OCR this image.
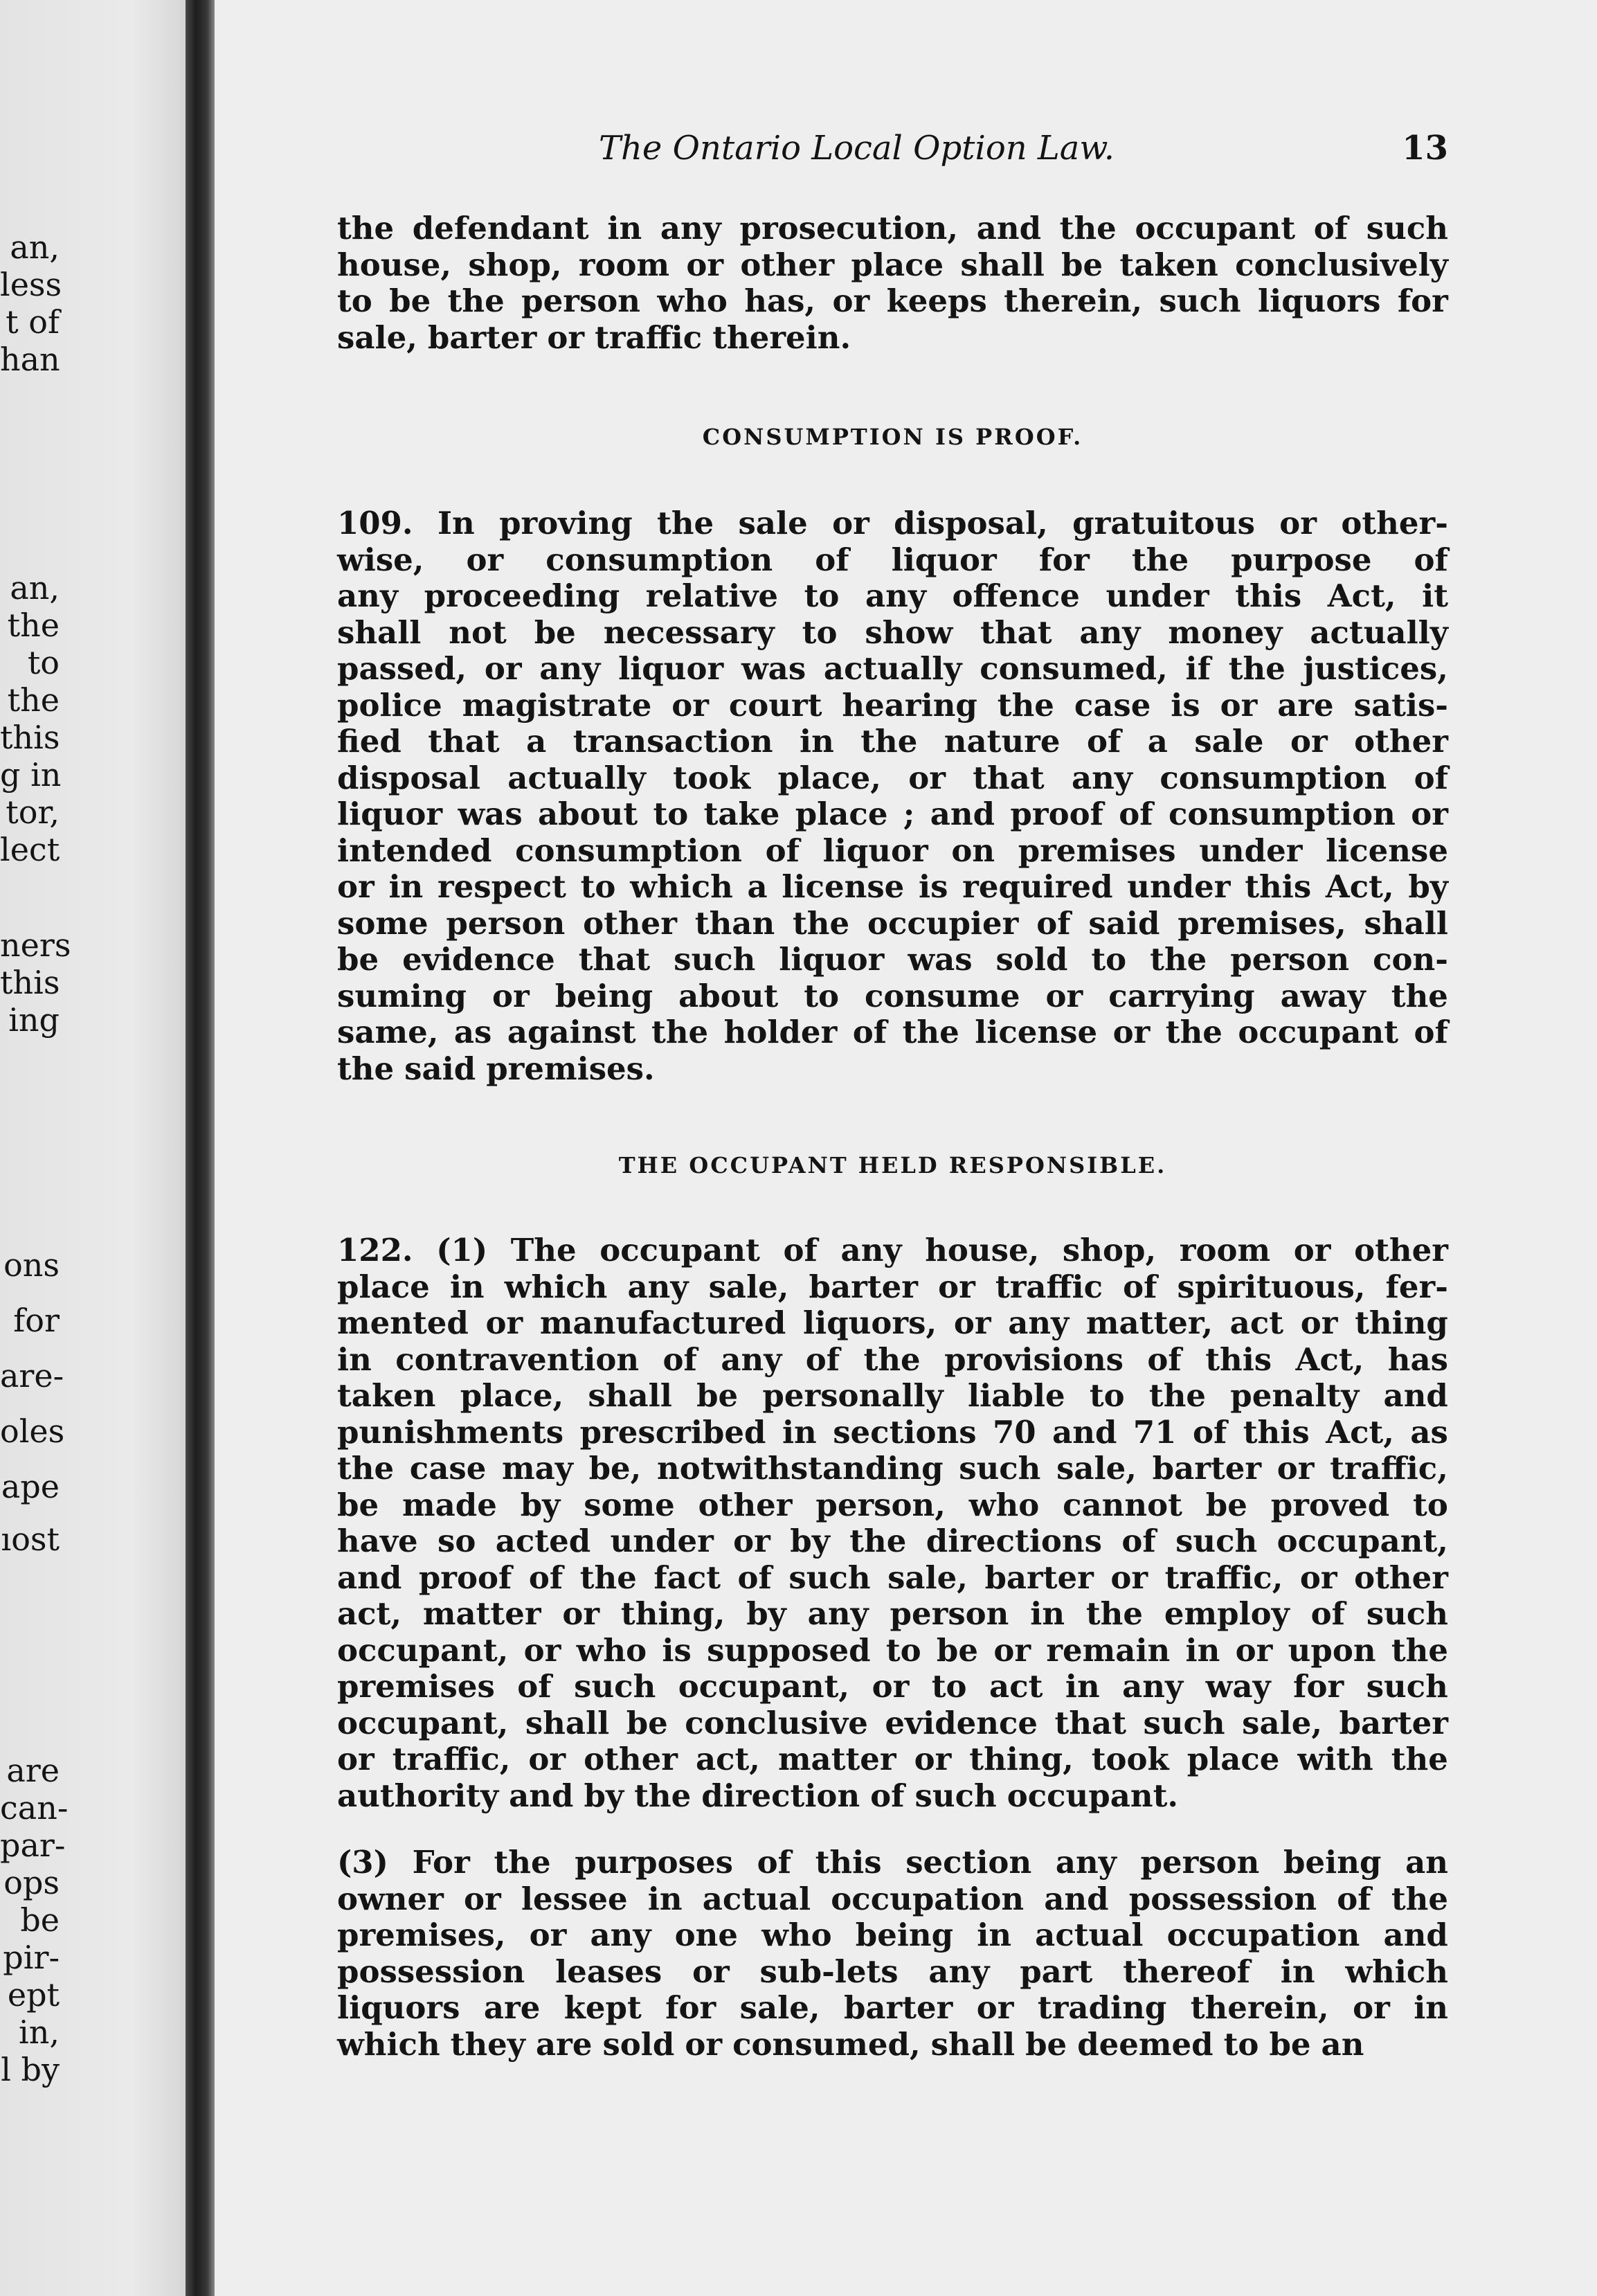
an,
less
t of
han
an,
the
to
the
this
g in
tor,
lect
ners
this
ing
ons
for
are-
oles
ape
ıost
are
can-
par-
ops
be
pir-
ept
in,
l by
The Ontario Local Option Law.	13
the defendant in any prosecution, and the occupant of such
house, shop, room or other place shall be taken conclusively
to be the person who has, or keeps therein, such liquors for
sale, barter or traffic therein.
CONSUMPTION IS PROOF.
109. In proving the sale or disposal, gratuitous or other-
wise, or consumption of liquor for the purpose of
any proceeding relative to any offence under this Act, it
shall not be necessary to show that any money actually
passed, or any liquor was actually consumed, if the justices,
police magistrate or court hearing the case is or are satis-
fied that a transaction in the nature of a sale or other
disposal actually took place, or that any consumption of
liquor was about to take place ; and proof of consumption or
intended consumption of liquor on premises under license
or in respect to which a license is required under this Act, by
some person other than the occupier of said premises, shall
be evidence that such liquor was sold to the person con-
suming or being about to consume or carrying away the
same, as against the holder of the license or the occupant of
the said premises.
THE OCCUPANT HELD RESPONSIBLE.
122. (1) The occupant of any house, shop, room or other
place in which any sale, barter or traffic of spirituous, fer-
mented or manufactured liquors, or any matter, act or thing
in contravention of any of the provisions of this Act, has
taken place, shall be personally liable to the penalty and
punishments prescribed in sections 70 and 71 of this Act, as
the case may be, notwithstanding such sale, barter or traffic,
be made by some other person, who cannot be proved to
have so acted under or by the directions of such occupant,
and proof of the fact of such sale, barter or traffic, or other
act, matter or thing, by any person in the employ of such
occupant, or who is supposed to be or remain in or upon the
premises of such occupant, or to act in any way for such
occupant, shall be conclusive evidence that such sale, barter
or traffic, or other act, matter or thing, took place with the
authority and by the direction of such occupant.
(3) For the purposes of this section any person being an
owner or lessee in actual occupation and possession of the
premises, or any one who being in actual occupation and
possession leases or sub-lets any part thereof in which
liquors are kept for sale, barter or trading therein, or in
which they are sold or consumed, shall be deemed to be an
